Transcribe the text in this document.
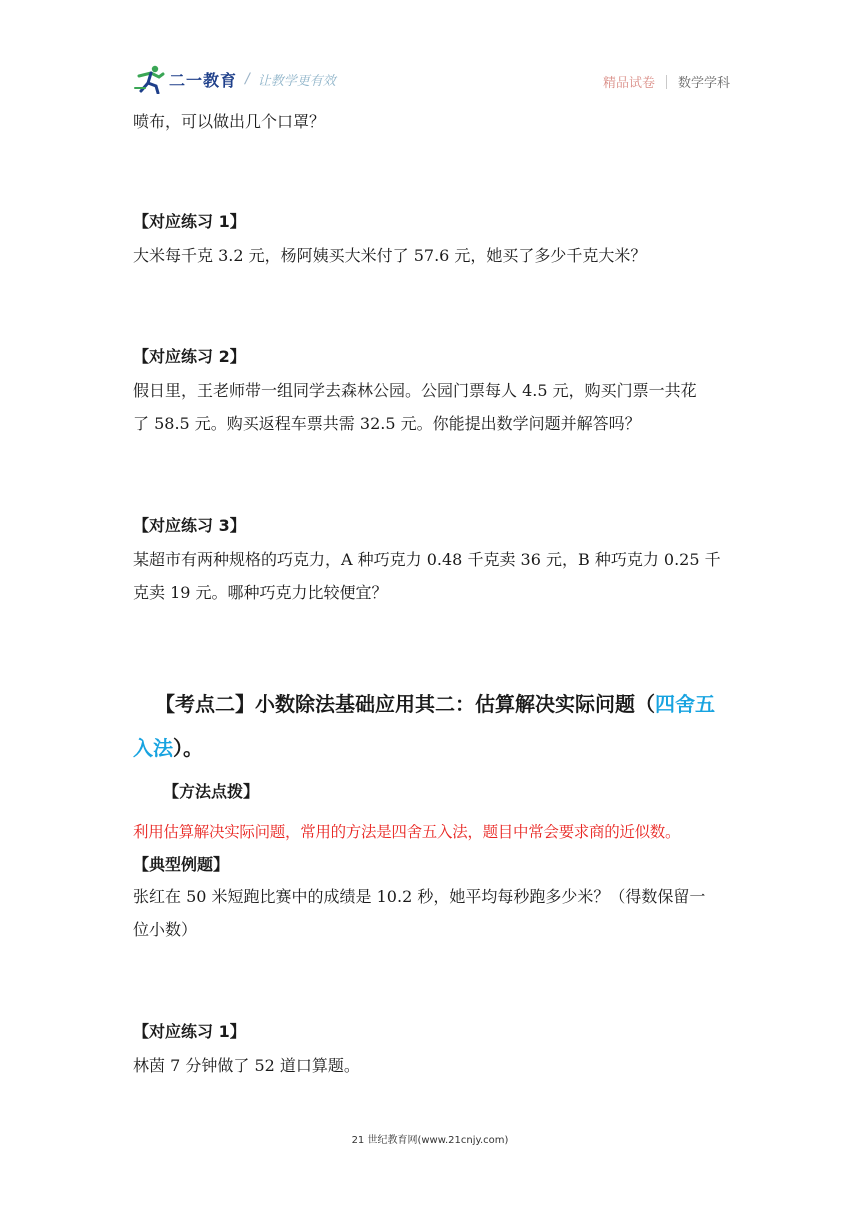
二一教育 / 让教学更有效	精品试卷 数学学科
喷布，可以做出几个口罩？
【对应练习 1】
大米每千克 3.2 元，杨阿姨买大米付了 57.6 元，她买了多少千克大米？
【对应练习 2】
假日里，王老师带一组同学去森林公园。公园门票每人 4.5 元，购买门票一共花
了 58.5 元。购买返程车票共需 32.5 元。你能提出数学问题并解答吗？
【对应练习 3】
某超市有两种规格的巧克力，A 种巧克力 0.48 千克卖 36 元，B 种巧克力 0.25 千
克卖 19 元。哪种巧克力比较便宜？
【考点二】小数除法基础应用其二：估算解决实际问题（四舍五
入法）。
【方法点拨】
利用估算解决实际问题，常用的方法是四舍五入法，题目中常会要求商的近似数。
【典型例题】
张红在 50 米短跑比赛中的成绩是 10.2 秒，她平均每秒跑多少米？（得数保留一
位小数）
【对应练习 1】
林茵 7 分钟做了 52 道口算题。
21 世纪教育网(www.21cnjy.com)
